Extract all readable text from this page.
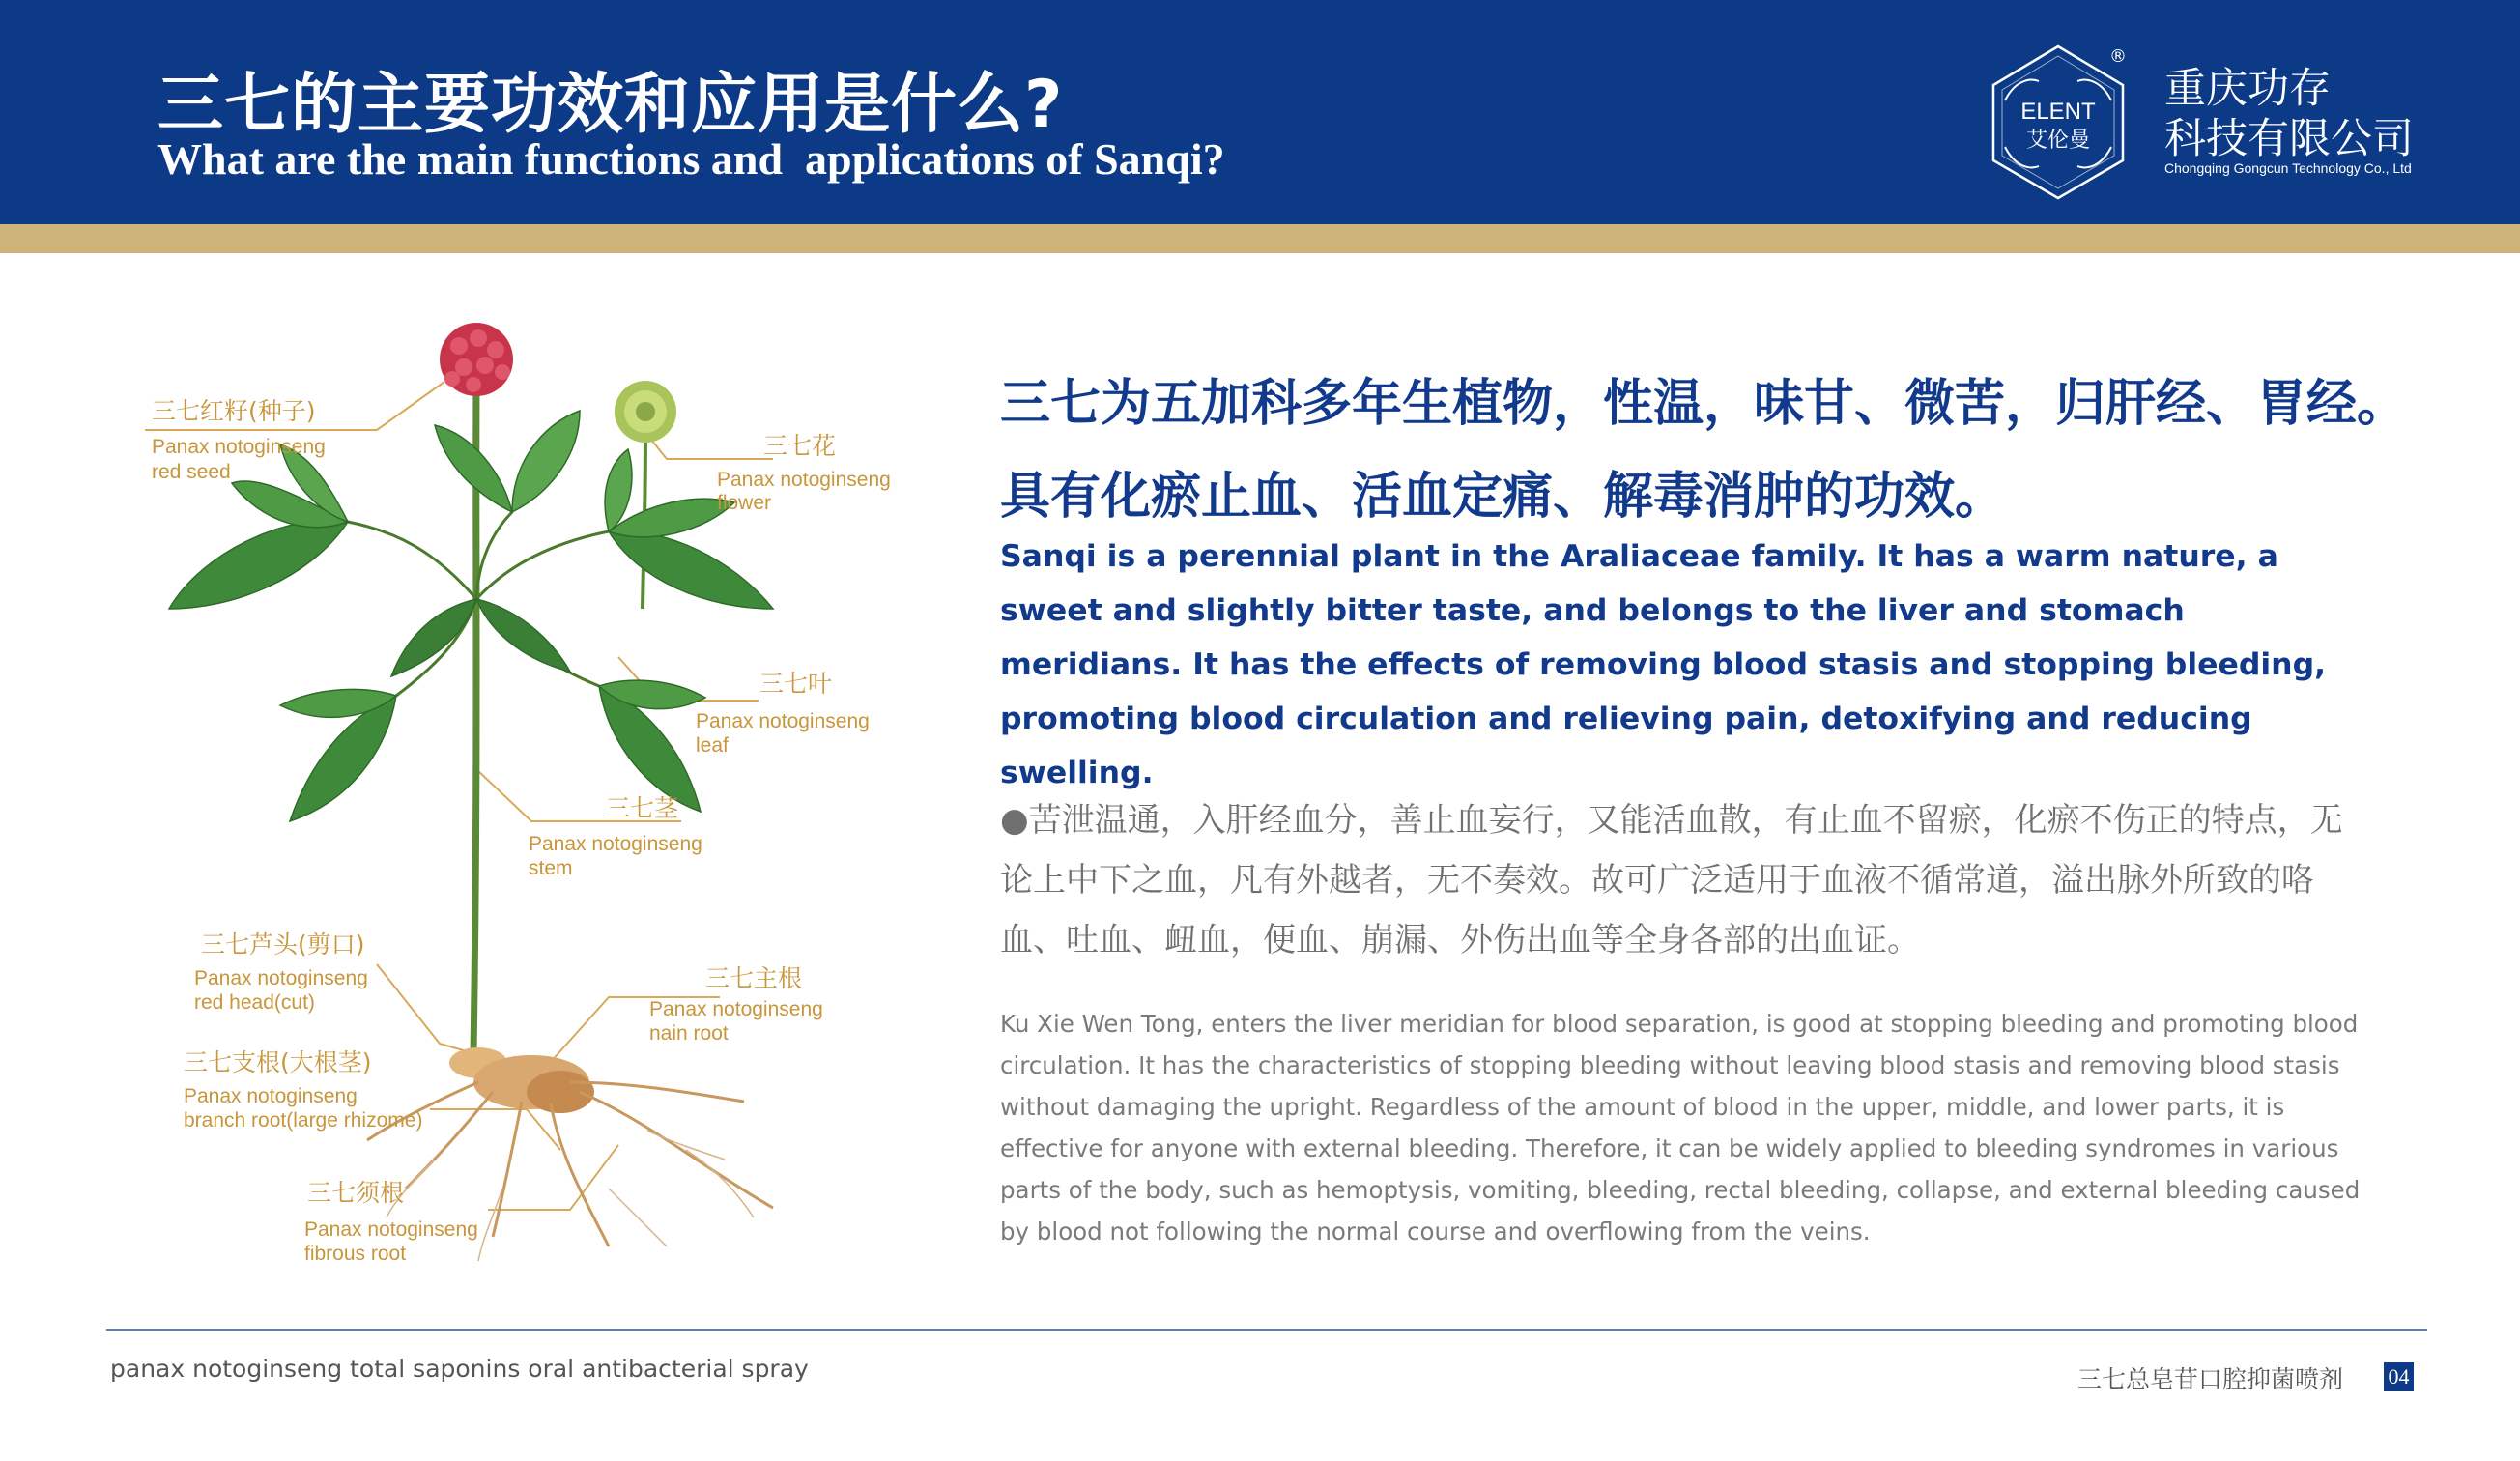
三七的主要功效和应用是什么?
What are the main functions and  applications of Sanqi?
ELENT
艾伦曼
®
重庆功存
科技有限公司
Chongqing Gongcun Technology Co., Ltd
三七红籽(种子)
Panax notoginseng
red seed
三七花
Panax notoginseng
flower
三七叶
Panax notoginseng
leaf
三七茎
Panax notoginseng
stem
三七芦头(剪口)
Panax notoginseng
red head(cut)
三七主根
Panax notoginseng
nain root
三七支根(大根茎)
Panax notoginseng
branch root(large rhizome)
三七须根
Panax notoginseng
fibrous root
三七为五加科多年生植物，性温，味甘、微苦，归肝经、胃经。具有化瘀止血、活血定痛、解毒消肿的功效。
Sanqi is a perennial plant in the Araliaceae family. It has a warm nature, a sweet and slightly bitter taste, and belongs to the liver and stomach meridians. It has the effects of removing blood stasis and stopping bleeding, promoting blood circulation and relieving pain, detoxifying and reducing swelling.
●苦泄温通，入肝经血分，善止血妄行，又能活血散，有止血不留瘀，化瘀不伤正的特点，无论上中下之血，凡有外越者，无不奏效。故可广泛适用于血液不循常道，溢出脉外所致的咯血、吐血、衄血，便血、崩漏、外伤出血等全身各部的出血证。
Ku Xie Wen Tong, enters the liver meridian for blood separation, is good at stopping bleeding and promoting blood circulation. It has the characteristics of stopping bleeding without leaving blood stasis and removing blood stasis without damaging the upright. Regardless of the amount of blood in the upper, middle, and lower parts, it is effective for anyone with external bleeding. Therefore, it can be widely applied to bleeding syndromes in various parts of the body, such as hemoptysis, vomiting, bleeding, rectal bleeding, collapse, and external bleeding caused by blood not following the normal course and overflowing from the veins.
panax notoginseng total saponins oral antibacterial spray	三七总皂苷口腔抑菌喷剂 04
